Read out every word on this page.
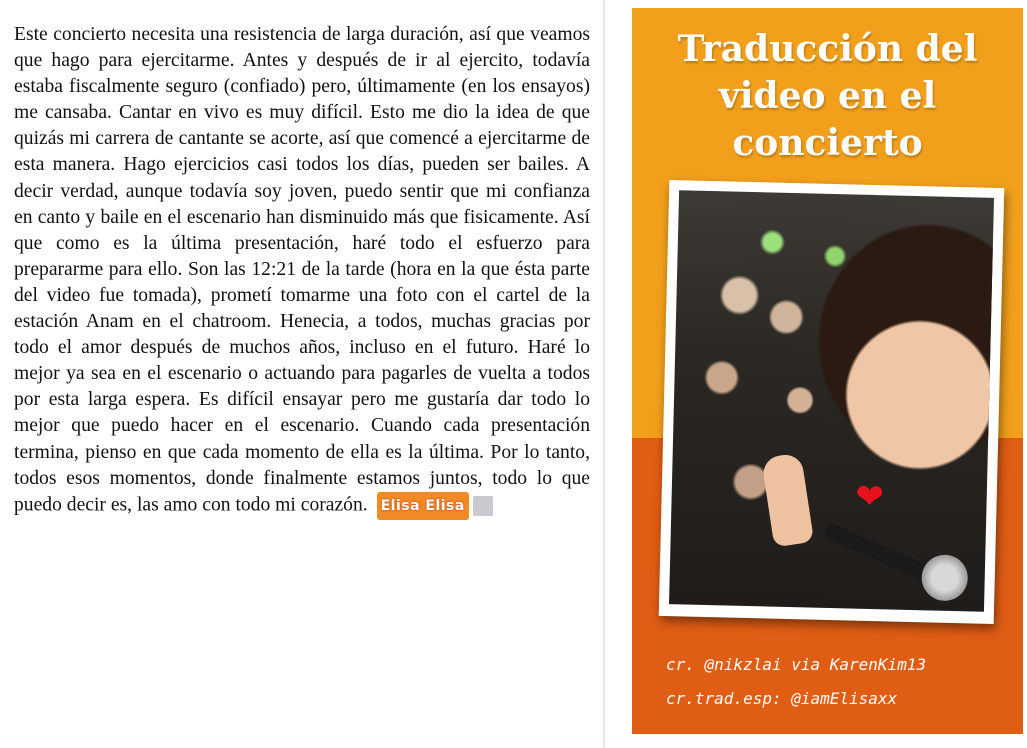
Este concierto necesita una resistencia de larga duración, así que veamos que hago para ejercitarme. Antes y después de ir al ejercito, todavía estaba fiscalmente seguro (confiado) pero, últimamente (en los ensayos) me cansaba. Cantar en vivo es muy difícil. Esto me dio la idea de que quizás mi carrera de cantante se acorte, así que comencé a ejercitarme de esta manera. Hago ejercicios casi todos los días, pueden ser bailes. A decir verdad, aunque todavía soy joven, puedo sentir que mi confianza en canto y baile en el escenario han disminuido más que fisicamente. Así que como es la última presentación, haré todo el esfuerzo para prepararme para ello. Son las 12:21 de la tarde (hora en la que ésta parte del video fue tomada), prometí tomarme una foto con el cartel de la estación Anam en el chatroom. Henecia, a todos, muchas gracias por todo el amor después de muchos años, incluso en el futuro. Haré lo mejor ya sea en el escenario o actuando para pagarles de vuelta a todos por esta larga espera. Es difícil ensayar pero me gustaría dar todo lo mejor que puedo hacer en el escenario. Cuando cada presentación termina, pienso en que cada momento de ella es la última. Por lo tanto, todos esos momentos, donde finalmente estamos juntos, todo lo que puedo decir es, las amo con todo mi corazón. Elisa Elisa

Traducción del
video en el
concierto
❤
cr. @nikzlai via KarenKim13
cr.trad.esp: @iamElisaxx
